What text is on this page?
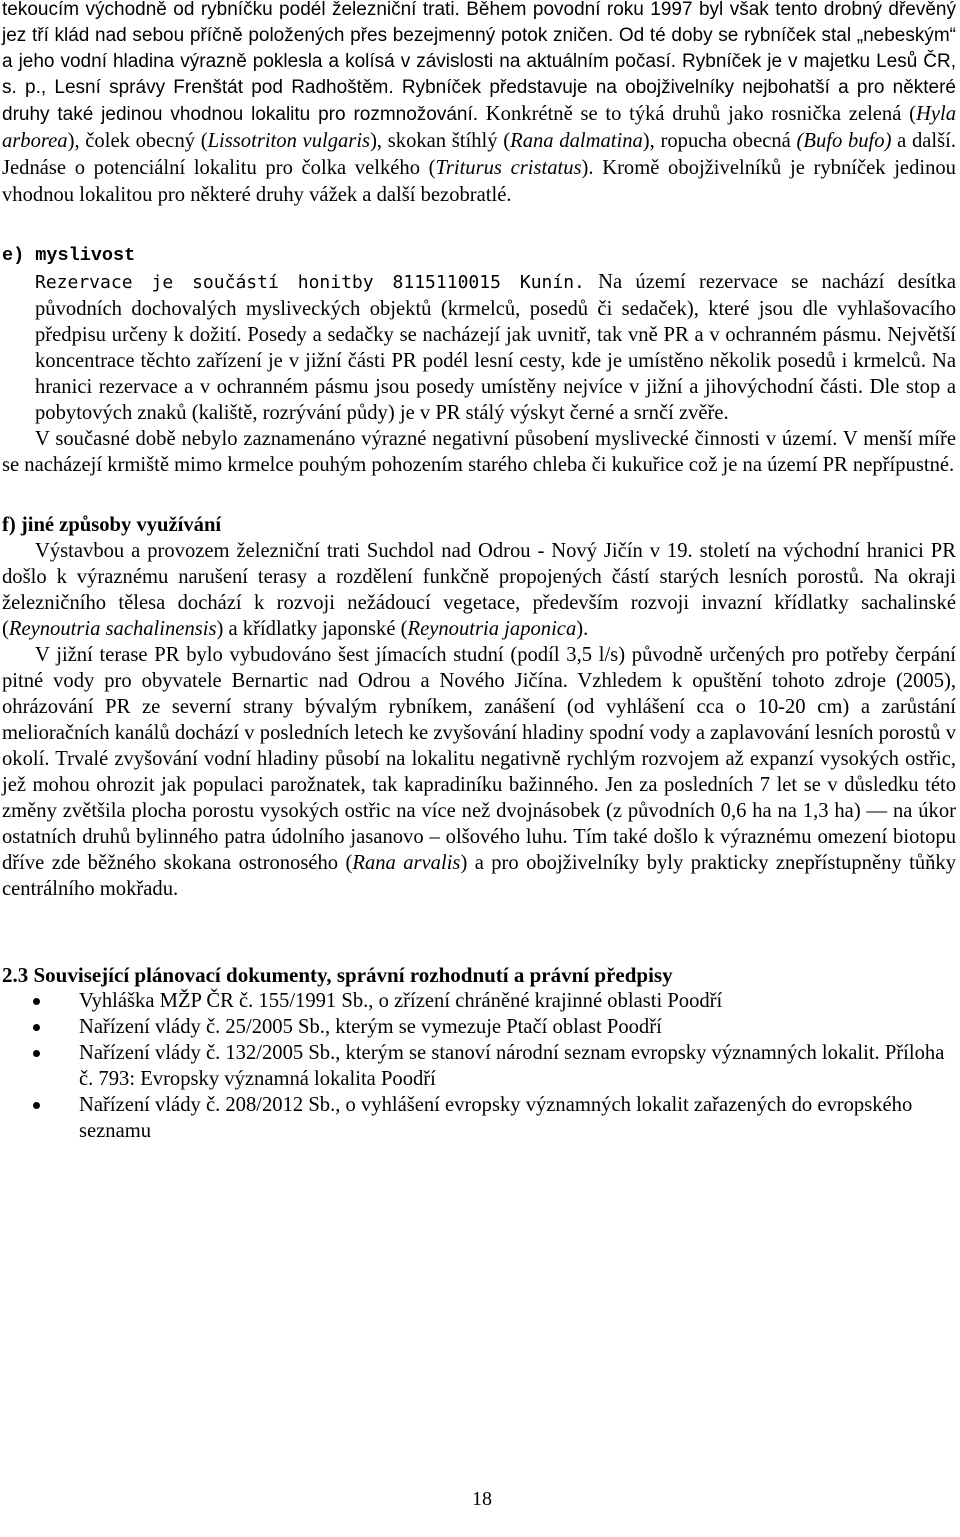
tekoucím východně od rybníčku podél železniční trati. Během povodní roku 1997 byl však tento drobný dřevěný jez tří klád nad sebou příčně položených přes bezejmenný potok zničen. Od té doby se rybníček stal „nebeským“ a jeho vodní hladina výrazně poklesla a kolísá v závislosti na aktuálním počasí. Rybníček je v majetku Lesů ČR, s. p., Lesní správy Frenštát pod Radhoštěm. Rybníček představuje na obojživelníky nejbohatší a pro některé druhy také jedinou vhodnou lokalitu pro rozmnožování. Konkrétně se to týká druhů jako rosnička zelená (Hyla arborea), čolek obecný (Lissotriton vulgaris), skokan štíhlý (Rana dalmatina), ropucha obecná (Bufo bufo) a další. Jednáse o potenciální lokalitu pro čolka velkého (Triturus cristatus). Kromě obojživelníků je rybníček jedinou vhodnou lokalitou pro některé druhy vážek a další bezobratlé.

e) myslivost

Rezervace je součástí honitby 8115110015 Kunín. Na území rezervace se nachází desítka původních dochovalých mysliveckých objektů (krmelců, posedů či sedaček), které jsou dle vyhlašovacího předpisu určeny k dožití. Posedy a sedačky se nacházejí jak uvnitř, tak vně PR a v ochranném pásmu. Největší koncentrace těchto zařízení je v jižní části PR podél lesní cesty, kde je umístěno několik posedů i krmelců. Na hranici rezervace a v ochranném pásmu jsou posedy umístěny nejvíce v jižní a jihovýchodní části. Dle stop a pobytových znaků (kaliště, rozrývání půdy) je v PR stálý výskyt černé a srnčí zvěře.

V současné době nebylo zaznamenáno výrazné negativní působení myslivecké činnosti v území. V menší míře se nacházejí krmiště mimo krmelce pouhým pohozením starého chleba či kukuřice což je na území PR nepřípustné.

f) jiné způsoby využívání

Výstavbou a provozem železniční trati Suchdol nad Odrou - Nový Jičín v 19. století na východní hranici PR došlo k výraznému narušení terasy a rozdělení funkčně propojených částí starých lesních porostů. Na okraji železničního tělesa dochází k rozvoji nežádoucí vegetace, především rozvoji invazní křídlatky sachalinské (Reynoutria sachalinensis) a křídlatky japonské (Reynoutria japonica).

V jižní terase PR bylo vybudováno šest jímacích studní (podíl 3,5 l/s) původně určených pro potřeby čerpání pitné vody pro obyvatele Bernartic nad Odrou a Nového Jičína. Vzhledem k opuštění tohoto zdroje (2005), ohrázování PR ze severní strany bývalým rybníkem, zanášení (od vyhlášení cca o 10-20 cm) a zarůstání melioračních kanálů dochází v posledních letech ke zvyšování hladiny spodní vody a zaplavování lesních porostů v okolí. Trvalé zvyšování vodní hladiny působí na lokalitu negativně rychlým rozvojem až expanzí vysokých ostřic, jež mohou ohrozit jak populaci parožnatek, tak kapradiníku bažinného. Jen za posledních 7 let se v důsledku této změny zvětšila plocha porostu vysokých ostřic na více než dvojnásobek (z původních 0,6 ha na 1,3 ha) — na úkor ostatních druhů bylinného patra údolního jasanovo – olšového luhu. Tím také došlo k výraznému omezení biotopu dříve zde běžného skokana ostronosého (Rana arvalis) a pro obojživelníky byly prakticky znepřístupněny tůňky centrálního mokřadu.

2.3 Související plánovací dokumenty, správní rozhodnutí a právní předpisy
Vyhláška MŽP ČR č. 155/1991 Sb., o zřízení chráněné krajinné oblasti Poodří
Nařízení vlády č. 25/2005 Sb., kterým se vymezuje Ptačí oblast Poodří
Nařízení vlády č. 132/2005 Sb., kterým se stanoví národní seznam evropsky významných lokalit. Příloha č. 793: Evropsky významná lokalita Poodří
Nařízení vlády č. 208/2012 Sb., o vyhlášení evropsky významných lokalit zařazených do evropského seznamu
18
